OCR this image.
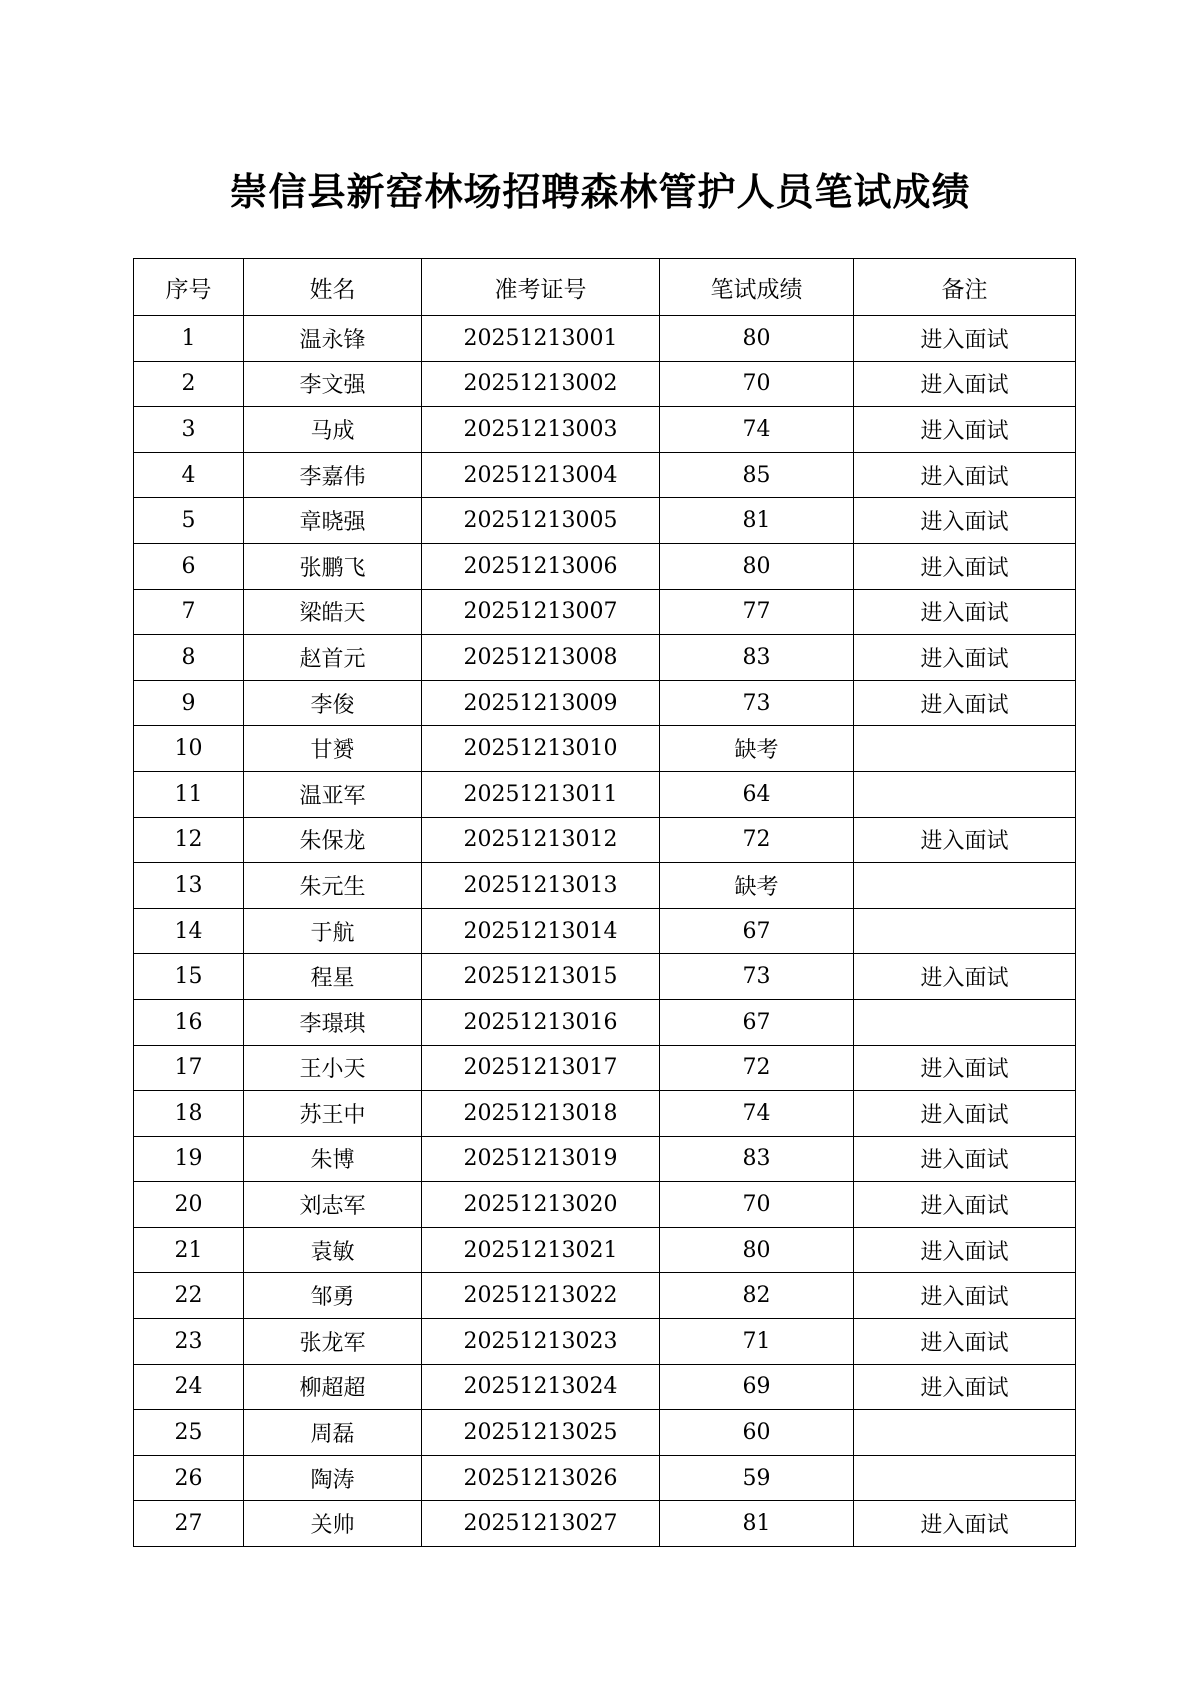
崇信县新窑林场招聘森林管护人员笔试成绩
序号	姓名	准考证号	笔试成绩	备注
1	温永锋	20251213001	80	进入面试
2	李文强	20251213002	70	进入面试
3	马成	20251213003	74	进入面试
4	李嘉伟	20251213004	85	进入面试
5	章晓强	20251213005	81	进入面试
6	张鹏飞	20251213006	80	进入面试
7	梁皓天	20251213007	77	进入面试
8	赵首元	20251213008	83	进入面试
9	李俊	20251213009	73	进入面试
10	甘赟	20251213010	缺考	
11	温亚军	20251213011	64	
12	朱保龙	20251213012	72	进入面试
13	朱元生	20251213013	缺考	
14	于航	20251213014	67	
15	程星	20251213015	73	进入面试
16	李璟琪	20251213016	67	
17	王小天	20251213017	72	进入面试
18	苏王中	20251213018	74	进入面试
19	朱博	20251213019	83	进入面试
20	刘志军	20251213020	70	进入面试
21	袁敏	20251213021	80	进入面试
22	邹勇	20251213022	82	进入面试
23	张龙军	20251213023	71	进入面试
24	柳超超	20251213024	69	进入面试
25	周磊	20251213025	60	
26	陶涛	20251213026	59	
27	关帅	20251213027	81	进入面试
